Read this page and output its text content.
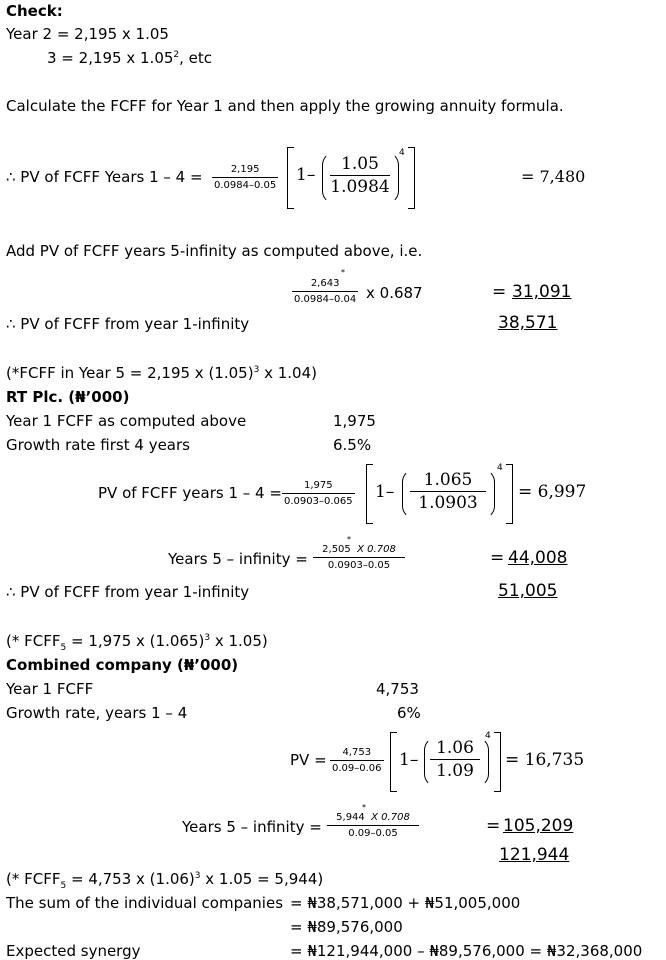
Check:
Year 2 = 2,195 x 1.05
3 = 2,195 x 1.05$^2$, etc
Calculate the FCFF for Year 1 and then apply the growing annuity formula.
∴ PV of FCFF Years 1 – 4 =	2,195
0.0984–0.05
1–
1.05
1.0984
4
= 7,480
Add PV of FCFF years 5-infinity as computed above, i.e.
*
2,643
0.0984–0.04 x 0.687	= 31,091
∴ PV of FCFF from year 1-infinity	38,571
(*FCFF in Year 5 = 2,195 x $(1.05)^3$ x 1.04)
RT Plc. (₦’000)
Year 1 FCFF as computed above	1,975
Growth rate first 4 years	6.5%
PV of FCFF years 1 – 4 =	1,975
0.0903–0.065 1–
1.065
1.0903
4
= 6,997
Years 5 – infinity =
*
2,505 X 0.708
0.0903–0.05	= 44,008
∴ PV of FCFF from year 1-infinity	51,005
(* $FCFF_5 = 1,975$ x $(1.065)^3$ x 1.05)
Combined company (₦’000)
Year 1 FCFF	4,753
Growth rate, years 1 – 4	6%
PV =	4,753
0.09–0.06 1–
1.06
1.09
4
= 16,735
Years 5 – infinity =
*
5,944 X 0.708
0.09–0.05	= 105,209
121,944
(* $FCFF_5 = 4,753$ x $(1.06)^3$ x 1.05 = 5,944)
The sum of the individual companies = ₦38,571,000 + ₦51,005,000
= ₦89,576,000
Expected synergy	= ₦121,944,000 – ₦89,576,000 = ₦32,368,000
